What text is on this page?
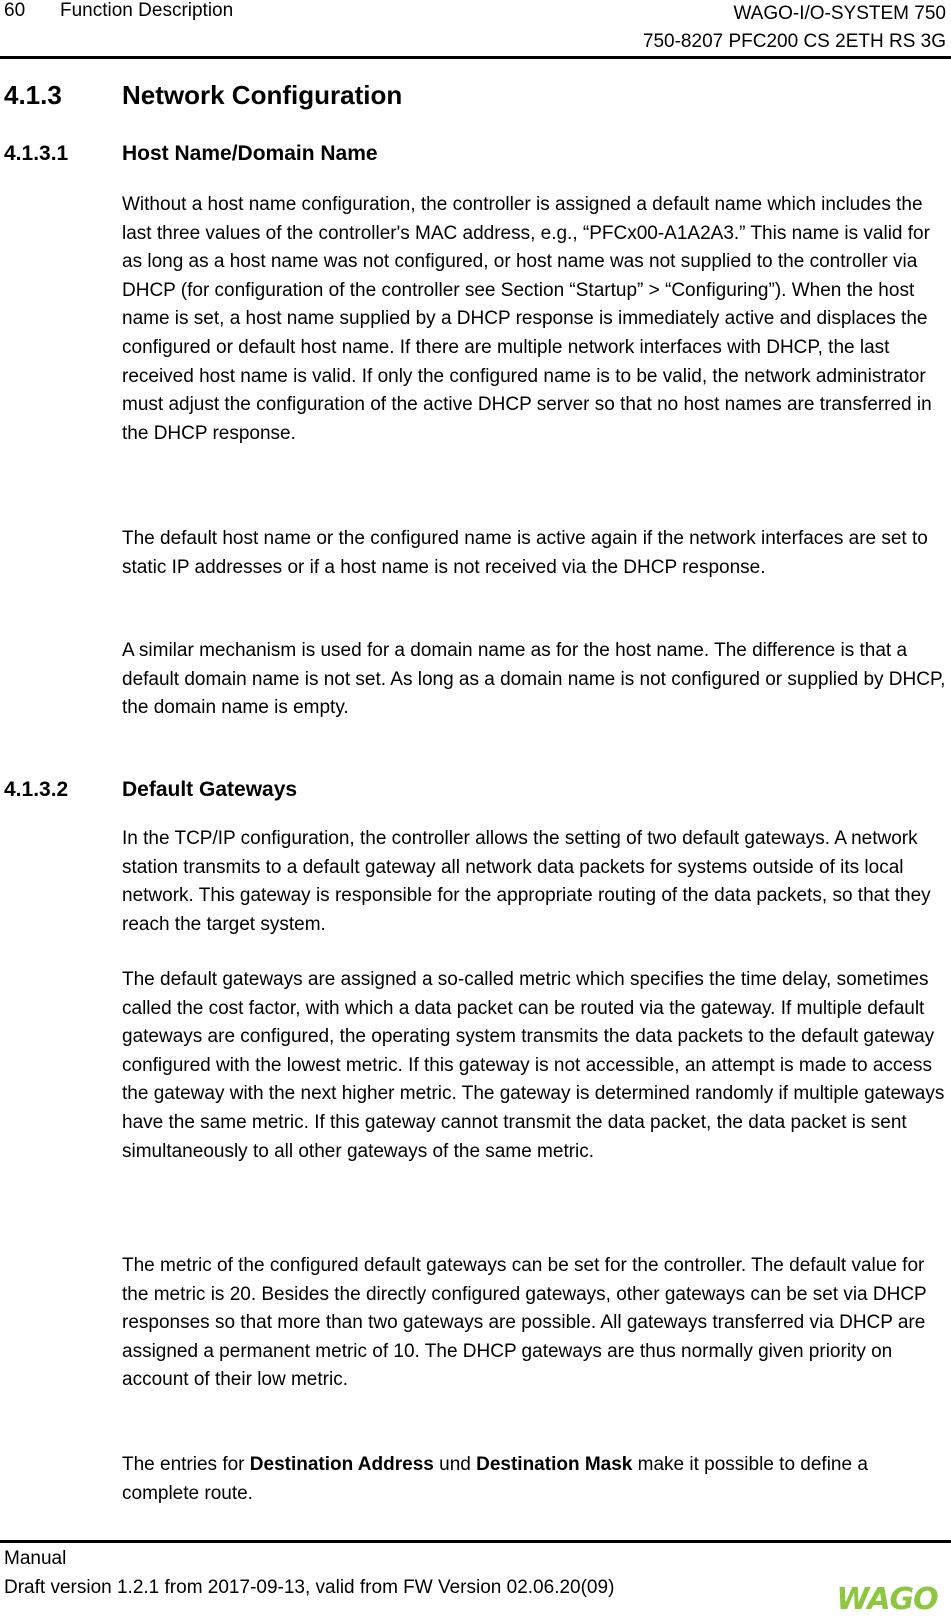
60 Function Description	WAGO-I/O-SYSTEM 750
750-8207 PFC200 CS 2ETH RS 3G
4.1.3 Network Configuration
4.1.3.1	Host Name/Domain Name

Without a host name configuration, the controller is assigned a default name which includes the last three values of the controller's MAC address, e.g., “PFCx00-A1A2A3.” This name is valid for as long as a host name was not configured, or host name was not supplied to the controller via DHCP (for configuration of the controller see Section “Startup” > “Configuring”). When the host name is set, a host name supplied by a DHCP response is immediately active and displaces the configured or default host name. If there are multiple network interfaces with DHCP, the last received host name is valid. If only the configured name is to be valid, the network administrator must adjust the configuration of the active DHCP server so that no host names are transferred in the DHCP response.

The default host name or the configured name is active again if the network interfaces are set to static IP addresses or if a host name is not received via the DHCP response.

A similar mechanism is used for a domain name as for the host name. The difference is that a default domain name is not set. As long as a domain name is not configured or supplied by DHCP, the domain name is empty.

4.1.3.2	Default Gateways

In the TCP/IP configuration, the controller allows the setting of two default gateways. A network station transmits to a default gateway all network data packets for systems outside of its local network. This gateway is responsible for the appropriate routing of the data packets, so that they reach the target system.

The default gateways are assigned a so-called metric which specifies the time delay, sometimes called the cost factor, with which a data packet can be routed via the gateway. If multiple default gateways are configured, the operating system transmits the data packets to the default gateway configured with the lowest metric. If this gateway is not accessible, an attempt is made to access the gateway with the next higher metric. The gateway is determined randomly if multiple gateways have the same metric. If this gateway cannot transmit the data packet, the data packet is sent simultaneously to all other gateways of the same metric.

The metric of the configured default gateways can be set for the controller. The default value for the metric is 20. Besides the directly configured gateways, other gateways can be set via DHCP responses so that more than two gateways are possible. All gateways transferred via DHCP are assigned a permanent metric of 10. The DHCP gateways are thus normally given priority on account of their low metric.

The entries for Destination Address und Destination Mask make it possible to define a complete route.

Manual
Draft version 1.2.1 from 2017-09-13, valid from FW Version 02.06.20(09)	WAGO
